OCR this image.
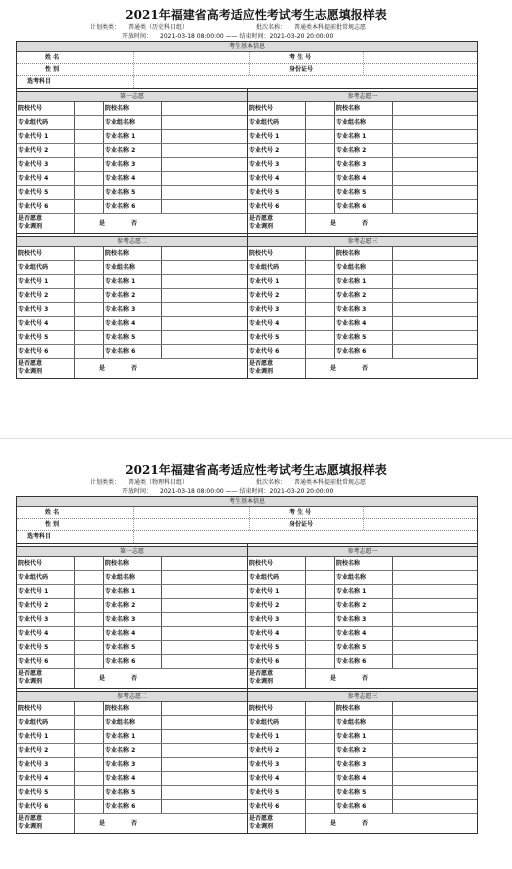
2021年福建省高考适应性考试考生志愿填报样表
计划类类： 普通类（历史科目组）	批次名称： 普通类本科提前批常规志愿
开放时间： 2021-03-18 08:00:00 —— 结束时间：2021-03-20 20:00:00
考生基本信息
姓 名	考 生 号
性 别	身份证号
选考科目
第一志愿
院校代号	院校名称
专业组代码	专业组名称
专业代号 1	专业名称 1
专业代号 2	专业名称 2
专业代号 3	专业名称 3
专业代号 4	专业名称 4
专业代号 5	专业名称 5
专业代号 6	专业名称 6
是否愿意
专业调剂	是	否
参考志愿一
院校代号	院校名称
专业组代码	专业组名称
专业代号 1	专业名称 1
专业代号 2	专业名称 2
专业代号 3	专业名称 3
专业代号 4	专业名称 4
专业代号 5	专业名称 5
专业代号 6	专业名称 6
是否愿意
专业调剂	是	否
参考志愿二
院校代号	院校名称
专业组代码	专业组名称
专业代号 1	专业名称 1
专业代号 2	专业名称 2
专业代号 3	专业名称 3
专业代号 4	专业名称 4
专业代号 5	专业名称 5
专业代号 6	专业名称 6
是否愿意
专业调剂	是	否
参考志愿三
院校代号	院校名称
专业组代码	专业组名称
专业代号 1	专业名称 1
专业代号 2	专业名称 2
专业代号 3	专业名称 3
专业代号 4	专业名称 4
专业代号 5	专业名称 5
专业代号 6	专业名称 6
是否愿意
专业调剂	是	否
2021年福建省高考适应性考试考生志愿填报样表
计划类类： 普通类（物理科目组）	批次名称： 普通类本科提前批常规志愿
开放时间： 2021-03-18 08:00:00 —— 结束时间：2021-03-20 20:00:00
考生基本信息
姓 名	考 生 号
性 别	身份证号
选考科目
第一志愿
院校代号	院校名称
专业组代码	专业组名称
专业代号 1	专业名称 1
专业代号 2	专业名称 2
专业代号 3	专业名称 3
专业代号 4	专业名称 4
专业代号 5	专业名称 5
专业代号 6	专业名称 6
是否愿意
专业调剂	是	否
参考志愿一
院校代号	院校名称
专业组代码	专业组名称
专业代号 1	专业名称 1
专业代号 2	专业名称 2
专业代号 3	专业名称 3
专业代号 4	专业名称 4
专业代号 5	专业名称 5
专业代号 6	专业名称 6
是否愿意
专业调剂	是	否
参考志愿二
院校代号	院校名称
专业组代码	专业组名称
专业代号 1	专业名称 1
专业代号 2	专业名称 2
专业代号 3	专业名称 3
专业代号 4	专业名称 4
专业代号 5	专业名称 5
专业代号 6	专业名称 6
是否愿意
专业调剂	是	否
参考志愿三
院校代号	院校名称
专业组代码	专业组名称
专业代号 1	专业名称 1
专业代号 2	专业名称 2
专业代号 3	专业名称 3
专业代号 4	专业名称 4
专业代号 5	专业名称 5
专业代号 6	专业名称 6
是否愿意
专业调剂	是	否
